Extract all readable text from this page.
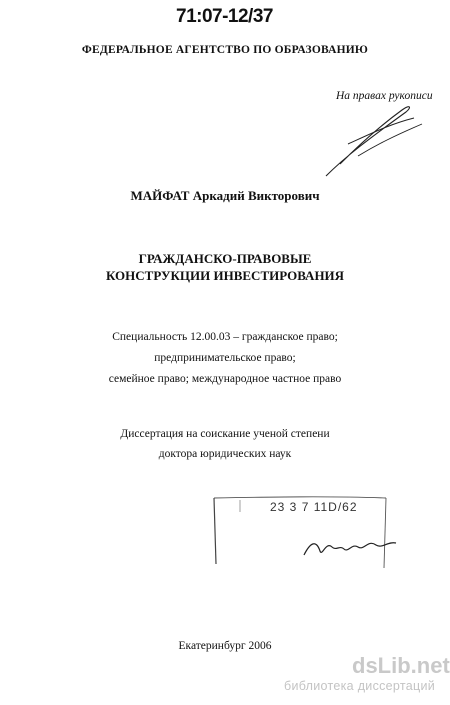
71:07-12/37
ФЕДЕРАЛЬНОЕ АГЕНТСТВО ПО ОБРАЗОВАНИЮ
На правах рукописи
МАЙФАТ Аркадий Викторович
ГРАЖДАНСКО-ПРАВОВЫЕ
КОНСТРУКЦИИ ИНВЕСТИРОВАНИЯ
Специальность 12.00.03 – гражданское право;
предпринимательское право;
семейное право; международное частное право
Диссертация на соискание ученой степени
доктора юридических наук
23 3 7 11D/62
Екатеринбург 2006
dsLib.net
библиотека диссертаций
